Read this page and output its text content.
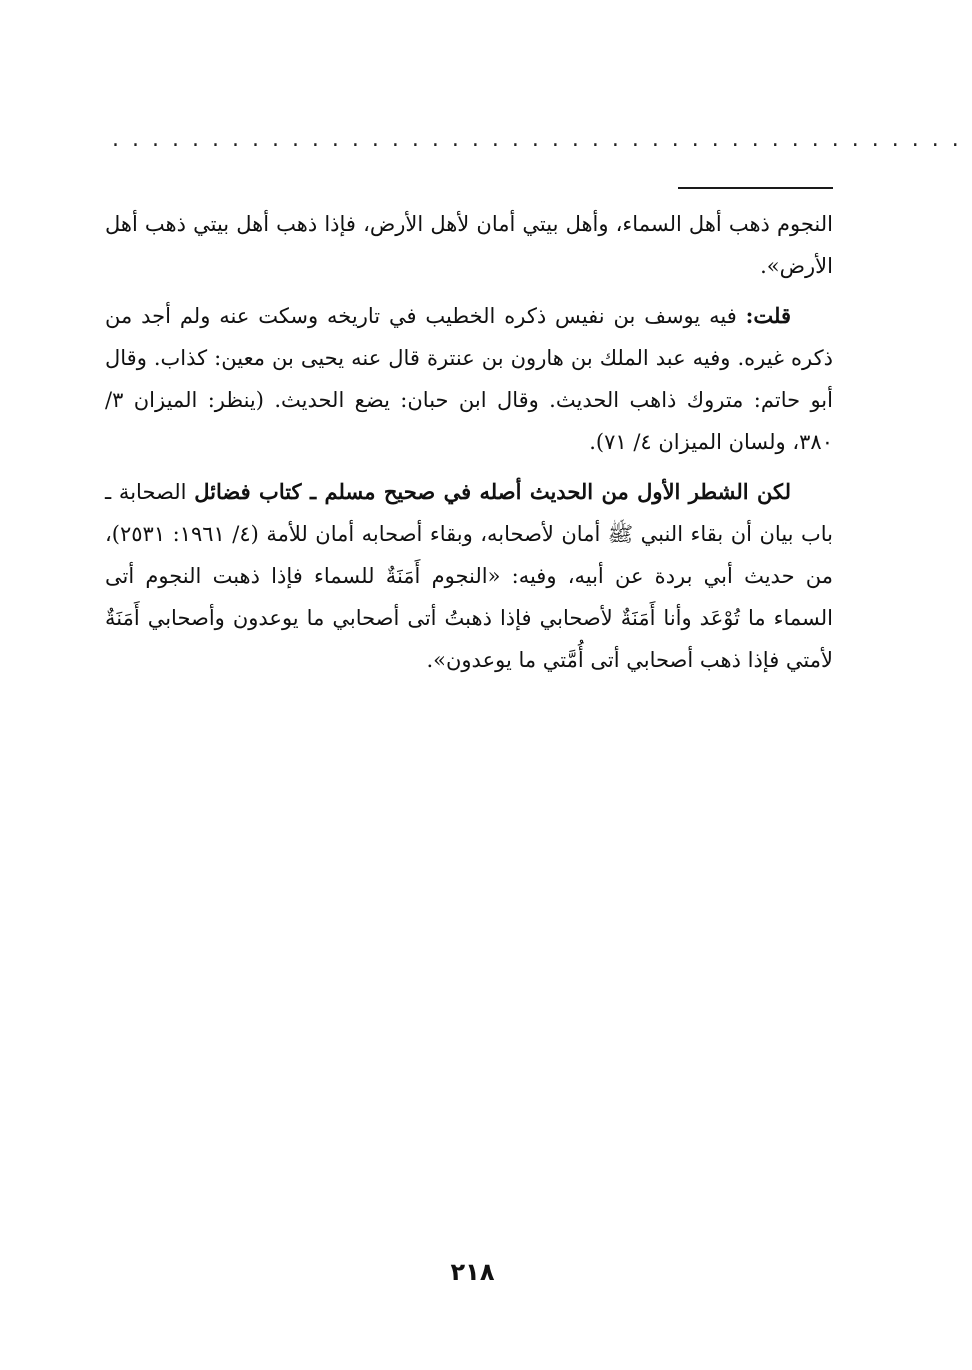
...........................................

النجوم ذهب أهل السماء، وأهل بيتي أمان لأهل الأرض، فإذا ذهب أهل بيتي ذهب أهل الأرض».

قلت: فيه يوسف بن نفيس ذكره الخطيب في تاريخه وسكت عنه ولم أجد من ذكره غيره. وفيه عبد الملك بن هارون بن عنترة قال عنه يحيى بن معين: كذاب. وقال أبو حاتم: متروك ذاهب الحديث. وقال ابن حبان: يضع الحديث. (ينظر: الميزان ٣/ ٣٨٠، ولسان الميزان ٤/ ٧١).

لكن الشطر الأول من الحديث أصله في صحيح مسلم ـ كتاب فضائل الصحابة ـ باب بيان أن بقاء النبي ﷺ أمان لأصحابه، وبقاء أصحابه أمان للأمة (٤/ ١٩٦١: ٢٥٣١)، من حديث أبي بردة عن أبيه، وفيه: «النجوم أَمَنَةٌ للسماء فإذا ذهبت النجوم أتى السماء ما تُوْعَد وأنا أَمَنَةٌ لأصحابي فإذا ذهبتُ أتى أصحابي ما يوعدون وأصحابي أَمَنَةٌ لأمتي فإذا ذهب أصحابي أتى أُمَّتي ما يوعدون».

٢١٨
